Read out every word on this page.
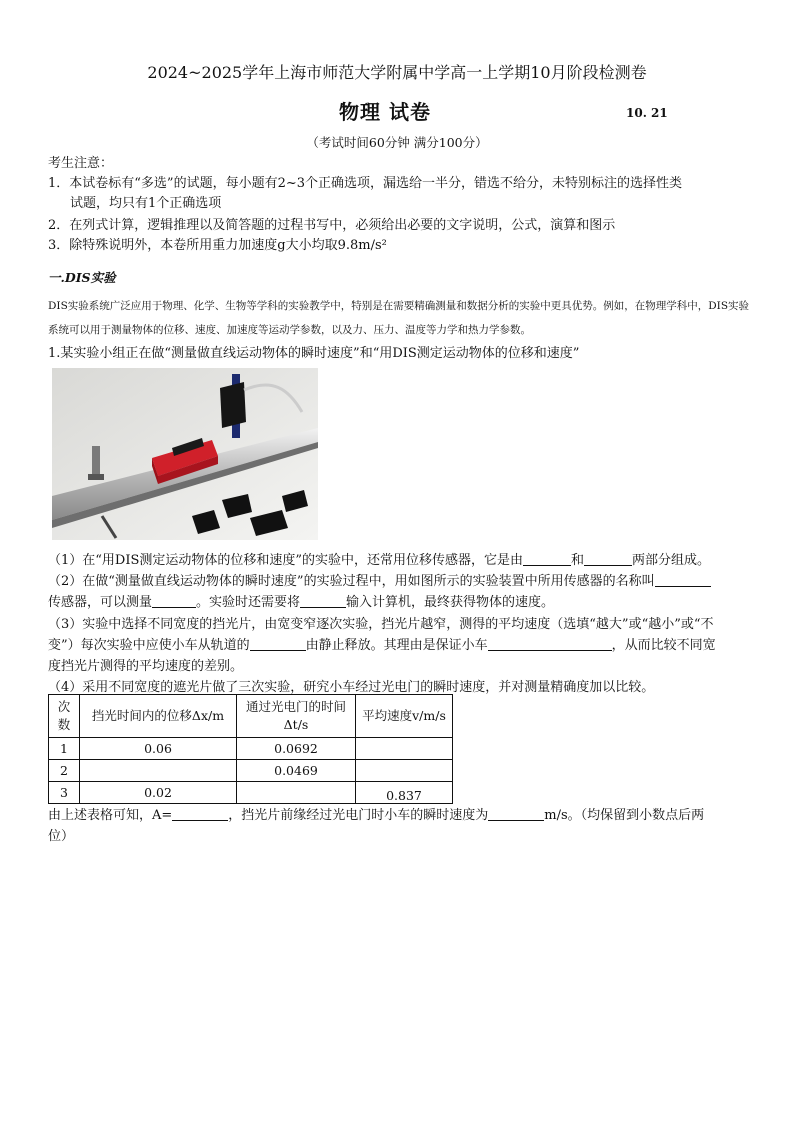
2024~2025学年上海市师范大学附属中学高一上学期10月阶段检测卷
物理 试卷	10. 21
（考试时间60分钟 满分100分）
考生注意：
1．本试卷标有“多选”的试题，每小题有2~3个正确选项，漏选给一半分，错选不给分，未特别标注的选择性类
试题，均只有1个正确选项
2．在列式计算，逻辑推理以及简答题的过程书写中，必须给出必要的文字说明，公式，演算和图示
3．除特殊说明外，本卷所用重力加速度g大小均取9.8m/s²
一.DIS实验
DIS实验系统广泛应用于物理、化学、生物等学科的实验教学中，特别是在需要精确测量和数据分析的实验中更具优势。例如，在物理学科中，DIS实验系统可以用于测量物体的位移、速度、加速度等运动学参数，以及力、压力、温度等力学和热力学参数。
1.某实验小组正在做“测量做直线运动物体的瞬时速度”和“用DIS测定运动物体的位移和速度”
（1）在“用DIS测定运动物体的位移和速度”的实验中，还常用位移传感器，它是由	和	两部分组成。
（2）在做“测量做直线运动物体的瞬时速度”的实验过程中，用如图所示的实验装置中所用传感器的名称叫
传感器，可以测量	。实验时还需要将	输入计算机，最终获得物体的速度。
（3）实验中选择不同宽度的挡光片，由宽变窄逐次实验，挡光片越窄，测得的平均速度（选填“越大”或“越小”或“不
变”）每次实验中应使小车从轨道的	由静止释放。其理由是保证小车	，从而比较不同宽
度挡光片测得的平均速度的差别。
（4）采用不同宽度的遮光片做了三次实验，研究小车经过光电门的瞬时速度，并对测量精确度加以比较。
次数	挡光时间内的位移Δx/m	通过光电门的时间
Δt/s	平均速度v/m/s
1	0.06	0.0692	
2		0.0469	
3	0.02		0.837
由上述表格可知，A=	，挡光片前缘经过光电门时小车的瞬时速度为	m/s。（均保留到小数点后两
位）
